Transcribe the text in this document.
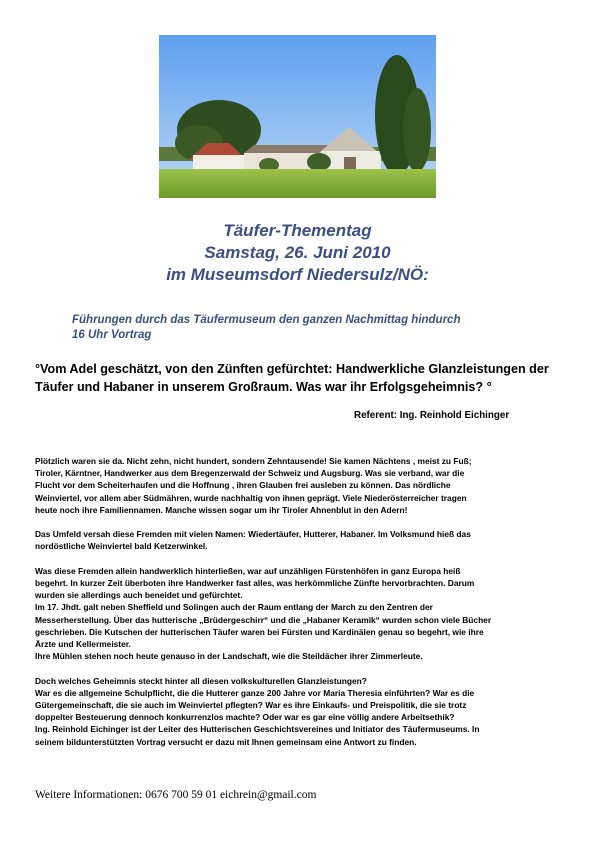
Täufer-Thementag
Samstag, 26. Juni 2010
im Museumsdorf Niedersulz/NÖ:
Führungen durch das Täufermuseum den ganzen Nachmittag hindurch
16 Uhr Vortrag
°Vom Adel geschätzt, von den Zünften gefürchtet: Handwerkliche Glanzleistungen der
Täufer und Habaner in unserem Großraum. Was war ihr Erfolgsgeheimnis? °
Referent: Ing. Reinhold Eichinger

Plötzlich waren sie da. Nicht zehn, nicht hundert, sondern Zehntausende! Sie kamen Nächtens , meist zu Fuß;
Tiroler, Kärntner, Handwerker aus dem Bregenzerwald der Schweiz und Augsburg. Was sie verband, war die
Flucht vor dem Scheiterhaufen und die Hoffnung , ihren Glauben frei ausleben zu können. Das nördliche
Weinviertel, vor allem aber Südmähren, wurde nachhaltig von ihnen geprägt. Viele Niederösterreicher tragen
heute noch ihre Familiennamen. Manche wissen sogar um ihr Tiroler Ahnenblut in den Adern!

Das Umfeld versah diese Fremden mit vielen Namen: Wiedertäufer, Hutterer, Habaner. Im Volksmund hieß das
nordöstliche Weinviertel bald Ketzerwinkel.

Was diese Fremden allein handwerklich hinterließen, war auf unzähligen Fürstenhöfen in ganz Europa heiß
begehrt. In kurzer Zeit überboten ihre Handwerker fast alles, was herkömmliche Zünfte hervorbrachten. Darum
wurden sie allerdings auch beneidet und gefürchtet.
Im 17. Jhdt. galt neben Sheffield und Solingen auch der Raum entlang der March zu den Zentren der
Messerherstellung. Über das hutterische „Brüdergeschirr“ und die „Habaner Keramik“ wurden schon viele Bücher
geschrieben. Die Kutschen der hutterischen Täufer waren bei Fürsten und Kardinälen genau so begehrt, wie ihre
Ärzte und Kellermeister.
Ihre Mühlen stehen noch heute genauso in der Landschaft, wie die Steildächer ihrer Zimmerleute.

Doch welches Geheimnis steckt hinter all diesen volkskulturellen Glanzleistungen?
War es die allgemeine Schulpflicht, die die Hutterer ganze 200 Jahre vor Maria Theresia einführten? War es die
Gütergemeinschaft, die sie auch im Weinviertel pflegten? War es ihre Einkaufs- und Preispolitik, die sie trotz
doppelter Besteuerung dennoch konkurrenzlos machte? Oder war es gar eine völlig andere Arbeitsethik?
Ing. Reinhold Eichinger ist der Leiter des Hutterischen Geschichtsvereines und Initiator des Täufermuseums. In
seinem bildunterstützten Vortrag versucht er dazu mit Ihnen gemeinsam eine Antwort zu finden.

Weitere Informationen: 0676 700 59 01 eichrein@gmail.com
